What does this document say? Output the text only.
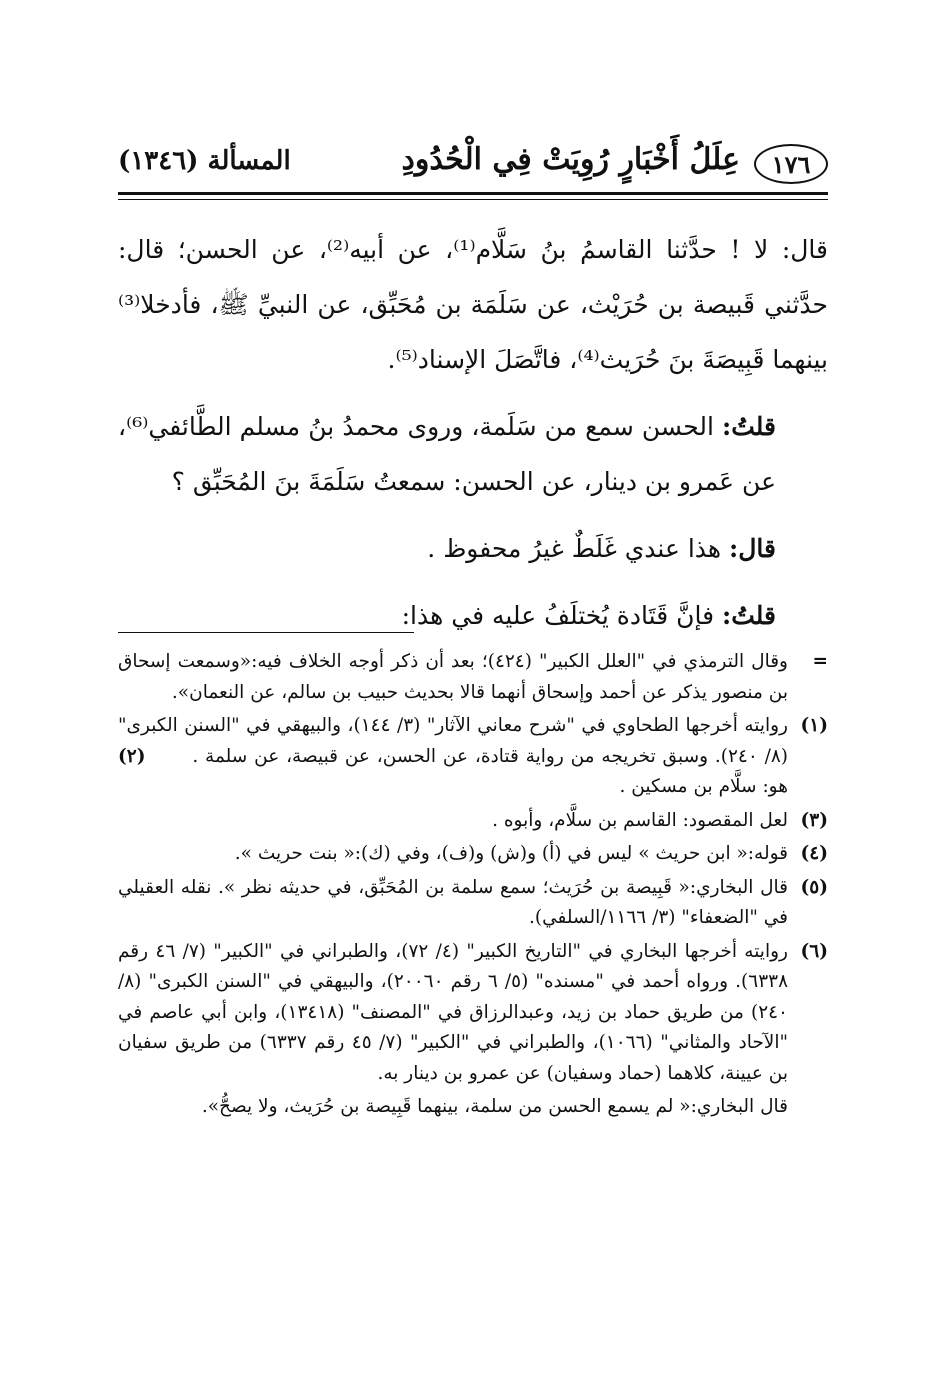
١٧٦
عِلَلُ أَخْبَارٍ رُوِيَتْ فِي الْحُدُودِ
المسألة (١٣٤٦)

قال: لا ! حدَّثنا القاسمُ بنُ سَلَّام⁽¹⁾، عن أبيه⁽²⁾، عن الحسن؛ قال: حدَّثني قَبيصة بن حُرَيْث، عن سَلَمَة بن مُحَبِّق، عن النبيِّ ﷺ، فأدخلا⁽³⁾ بينهما قَبِيصَةَ بنَ حُرَيث⁽⁴⁾، فاتَّصَلَ الإسناد⁽⁵⁾.

قلتُ: الحسن سمع من سَلَمة، وروى محمدُ بنُ مسلم الطَّائفي⁽⁶⁾، عن عَمرو بن دينار، عن الحسن: سمعتُ سَلَمَةَ بنَ المُحَبِّق ؟

قال: هذا عندي غَلَطٌ غيرُ محفوظ .

قلتُ: فإنَّ قَتَادة يُختلَفُ عليه في هذا:

=
وقال الترمذي في "العلل الكبير" (٤٢٤)؛ بعد أن ذكر أوجه الخلاف فيه:«وسمعت إسحاق بن منصور يذكر عن أحمد وإسحاق أنهما قالا بحديث حبيب بن سالم، عن النعمان».
(١)
روايته أخرجها الطحاوي في "شرح معاني الآثار" (٣/ ١٤٤)، والبيهقي في "السنن الكبرى" (٨/ ٢٤٠). وسبق تخريجه من رواية قتادة، عن الحسن، عن قبيصة، عن سلمة . (٢) هو: سلَّام بن مسكين .
(٣)
لعل المقصود: القاسم بن سلَّام، وأبوه .
(٤)
قوله:« ابن حريث » ليس في (أ) و(ش) و(ف)، وفي (ك):« بنت حريث ».
(٥)
قال البخاري:« قَبِيصة بن حُرَيث؛ سمع سلمة بن المُحَبِّق، في حديثه نظر ». نقله العقيلي في "الضعفاء" (٣/ ١١٦٦/السلفي).
(٦)
روايته أخرجها البخاري في "التاريخ الكبير" (٤/ ٧٢)، والطبراني في "الكبير" (٧/ ٤٦ رقم ٦٣٣٨). ورواه أحمد في "مسنده" (٥/ ٦ رقم ٢٠٠٦٠)، والبيهقي في "السنن الكبرى" (٨/ ٢٤٠) من طريق حماد بن زيد، وعبدالرزاق في "المصنف" (١٣٤١٨)، وابن أبي عاصم في "الآحاد والمثاني" (١٠٦٦)، والطبراني في "الكبير" (٧/ ٤٥ رقم ٦٣٣٧) من طريق سفيان بن عيينة، كلاهما (حماد وسفيان) عن عمرو بن دينار به.
قال البخاري:« لم يسمع الحسن من سلمة، بينهما قَبِيصة بن حُرَيث، ولا يصحُّ».
